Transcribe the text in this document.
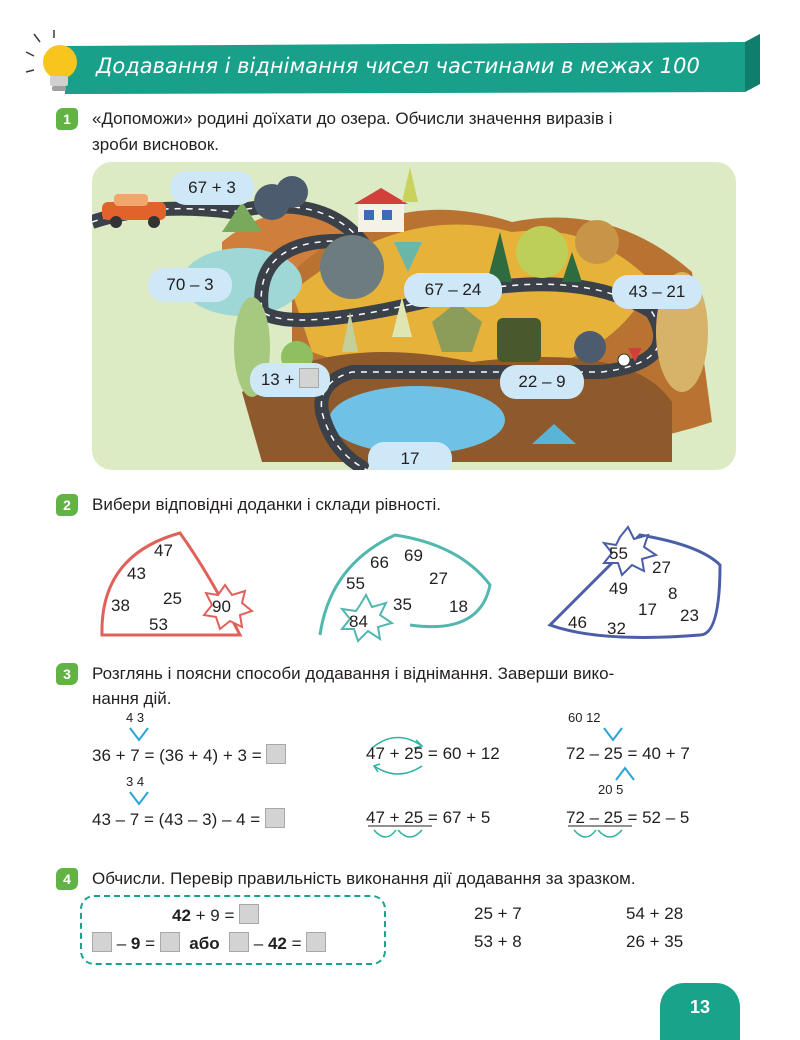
Додавання і віднімання чисел частинами в межах 100
1	«Допоможи» родині доїхати до озера. Обчисли значення виразів і
зроби висновок.
67 + 3
70 – 3	67 – 24	43 – 21
13 +	22 – 9
17
2	Вибери відповідні доданки і склади рівності.
47
43
25
38
53
90
66 69
55	27
35 18
84
55
27
49 8
17 23
46 32
3	Розглянь і поясни способи додавання і віднімання. Заверши вико-
нання дій.
4 3
36 + 7 = (36 + 4) + 3 =
3 4
43 – 7 = (43 – 3) – 4 =
47 + 25 = 60 + 12
47 + 25 = 67 + 5
60 12
72 – 25 = 40 + 7
20 5
72 – 25 = 52 – 5
4	Обчисли. Перевір правильність виконання дії додавання за зразком.
42 + 9 =
– 9 = або – 42 =
25 + 7	54 + 28
53 + 8	26 + 35
13
